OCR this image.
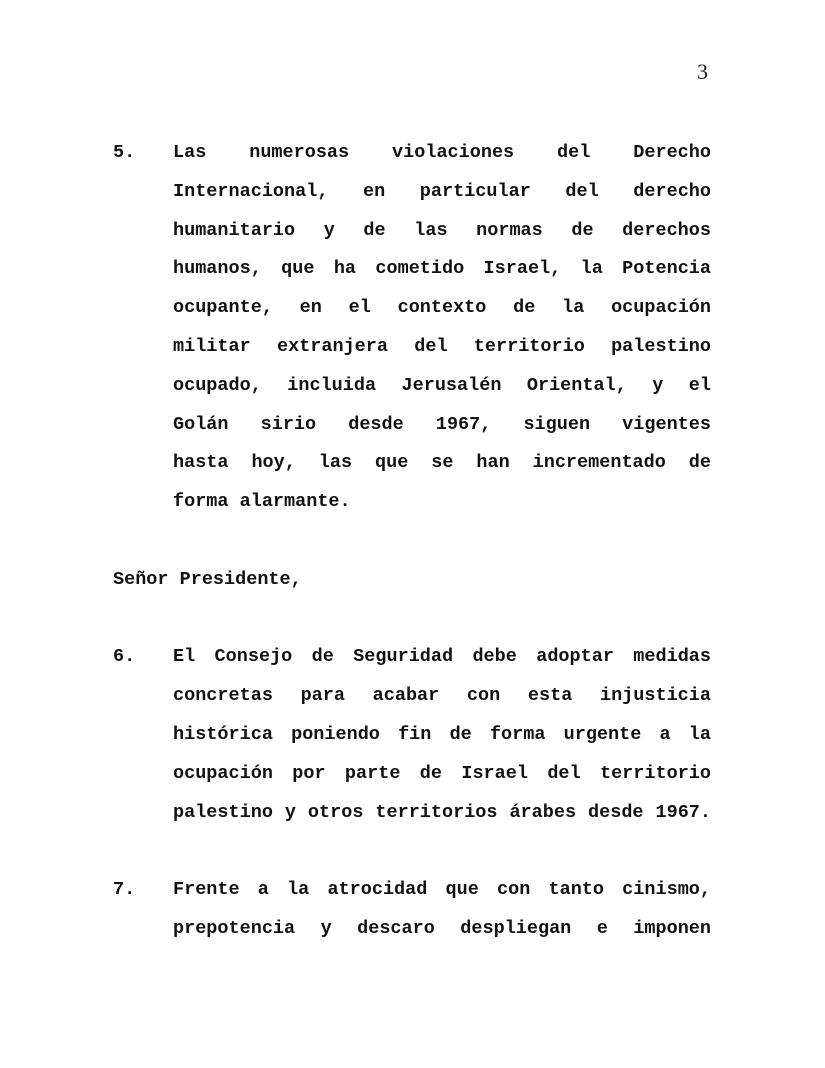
3
5.	Las numerosas violaciones del Derecho
Internacional, en particular del derecho
humanitario y de las normas de derechos
humanos, que ha cometido Israel, la Potencia
ocupante, en el contexto de la ocupación
militar extranjera del territorio palestino
ocupado, incluida Jerusalén Oriental, y el
Golán sirio desde 1967, siguen vigentes
hasta hoy, las que se han incrementado de
forma alarmante.
Señor Presidente,
6.	El Consejo de Seguridad debe adoptar medidas
concretas para acabar con esta injusticia
histórica poniendo fin de forma urgente a la
ocupación por parte de Israel del territorio
palestino y otros territorios árabes desde 1967.
7.	Frente a la atrocidad que con tanto cinismo,
prepotencia y descaro despliegan e imponen
